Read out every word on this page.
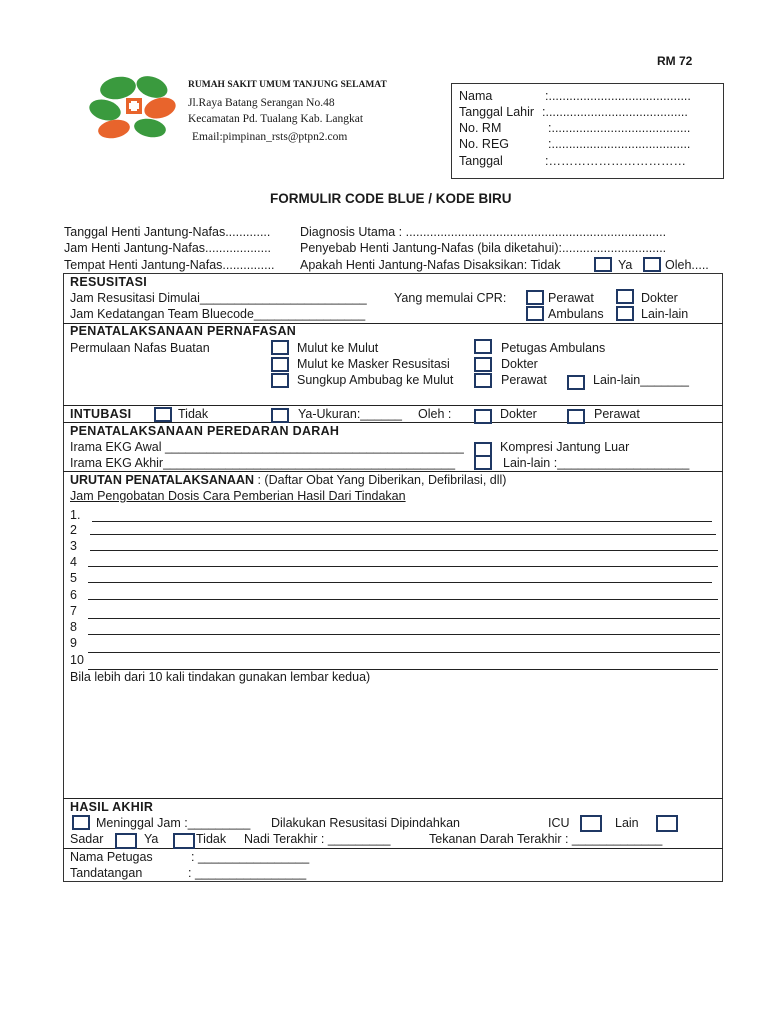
RM 72
RUMAH SAKIT UMUM TANJUNG SELAMAT
Jl.Raya Batang Serangan No.48
Kecamatan Pd. Tualang Kab. Langkat
Email:pimpinan_rsts@ptpn2.com
Nama	:.........................................
Tanggal Lahir :.........................................
No. RM	:........................................
No. REG	:........................................
Tanggal	:……………………………
FORMULIR CODE BLUE / KODE BIRU
Tanggal Henti Jantung-Nafas............. Diagnosis Utama : ...........................................................................
Jam Henti Jantung-Nafas................... Penyebab Henti Jantung-Nafas (bila diketahui):..............................
Tempat Henti Jantung-Nafas............... Apakah Henti Jantung-Nafas Disaksikan: Tidak	Ya	Oleh.....
RESUSITASI
Jam Resusitasi Dimulai________________________ Yang memulai CPR:	Perawat	Dokter
Jam Kedatangan Team Bluecode________________	Ambulans	Lain-lain
PENATALAKSANAAN PERNAFASAN
Permulaan Nafas Buatan	Mulut ke Mulut	Petugas Ambulans
Mulut ke Masker Resusitasi	Dokter
Sungkup Ambubag ke Mulut	Perawat	Lain-lain_______
INTUBASI	Tidak	Ya-Ukuran:______ Oleh :	Dokter	Perawat
PENATALAKSANAAN PEREDARAN DARAH
Irama EKG Awal ___________________________________________	Kompresi Jantung Luar
Irama EKG Akhir__________________________________________	Lain-lain :___________________
URUTAN PENATALAKSANAAN : (Daftar Obat Yang Diberikan, Defibrilasi, dll)
Jam Pengobatan Dosis Cara Pemberian Hasil Dari Tindakan
1.
2
3
4
5
6
7
8
9
10
Bila lebih dari 10 kali tindakan gunakan lembar kedua)
HASIL AKHIR
Meninggal Jam :_________ Dilakukan Resusitasi Dipindahkan	ICU	Lain
Sadar	Ya	Tidak Nadi Terakhir : _________	Tekanan Darah Terakhir : _____________
Nama Petugas	: ________________
Tandatangan	: ________________
